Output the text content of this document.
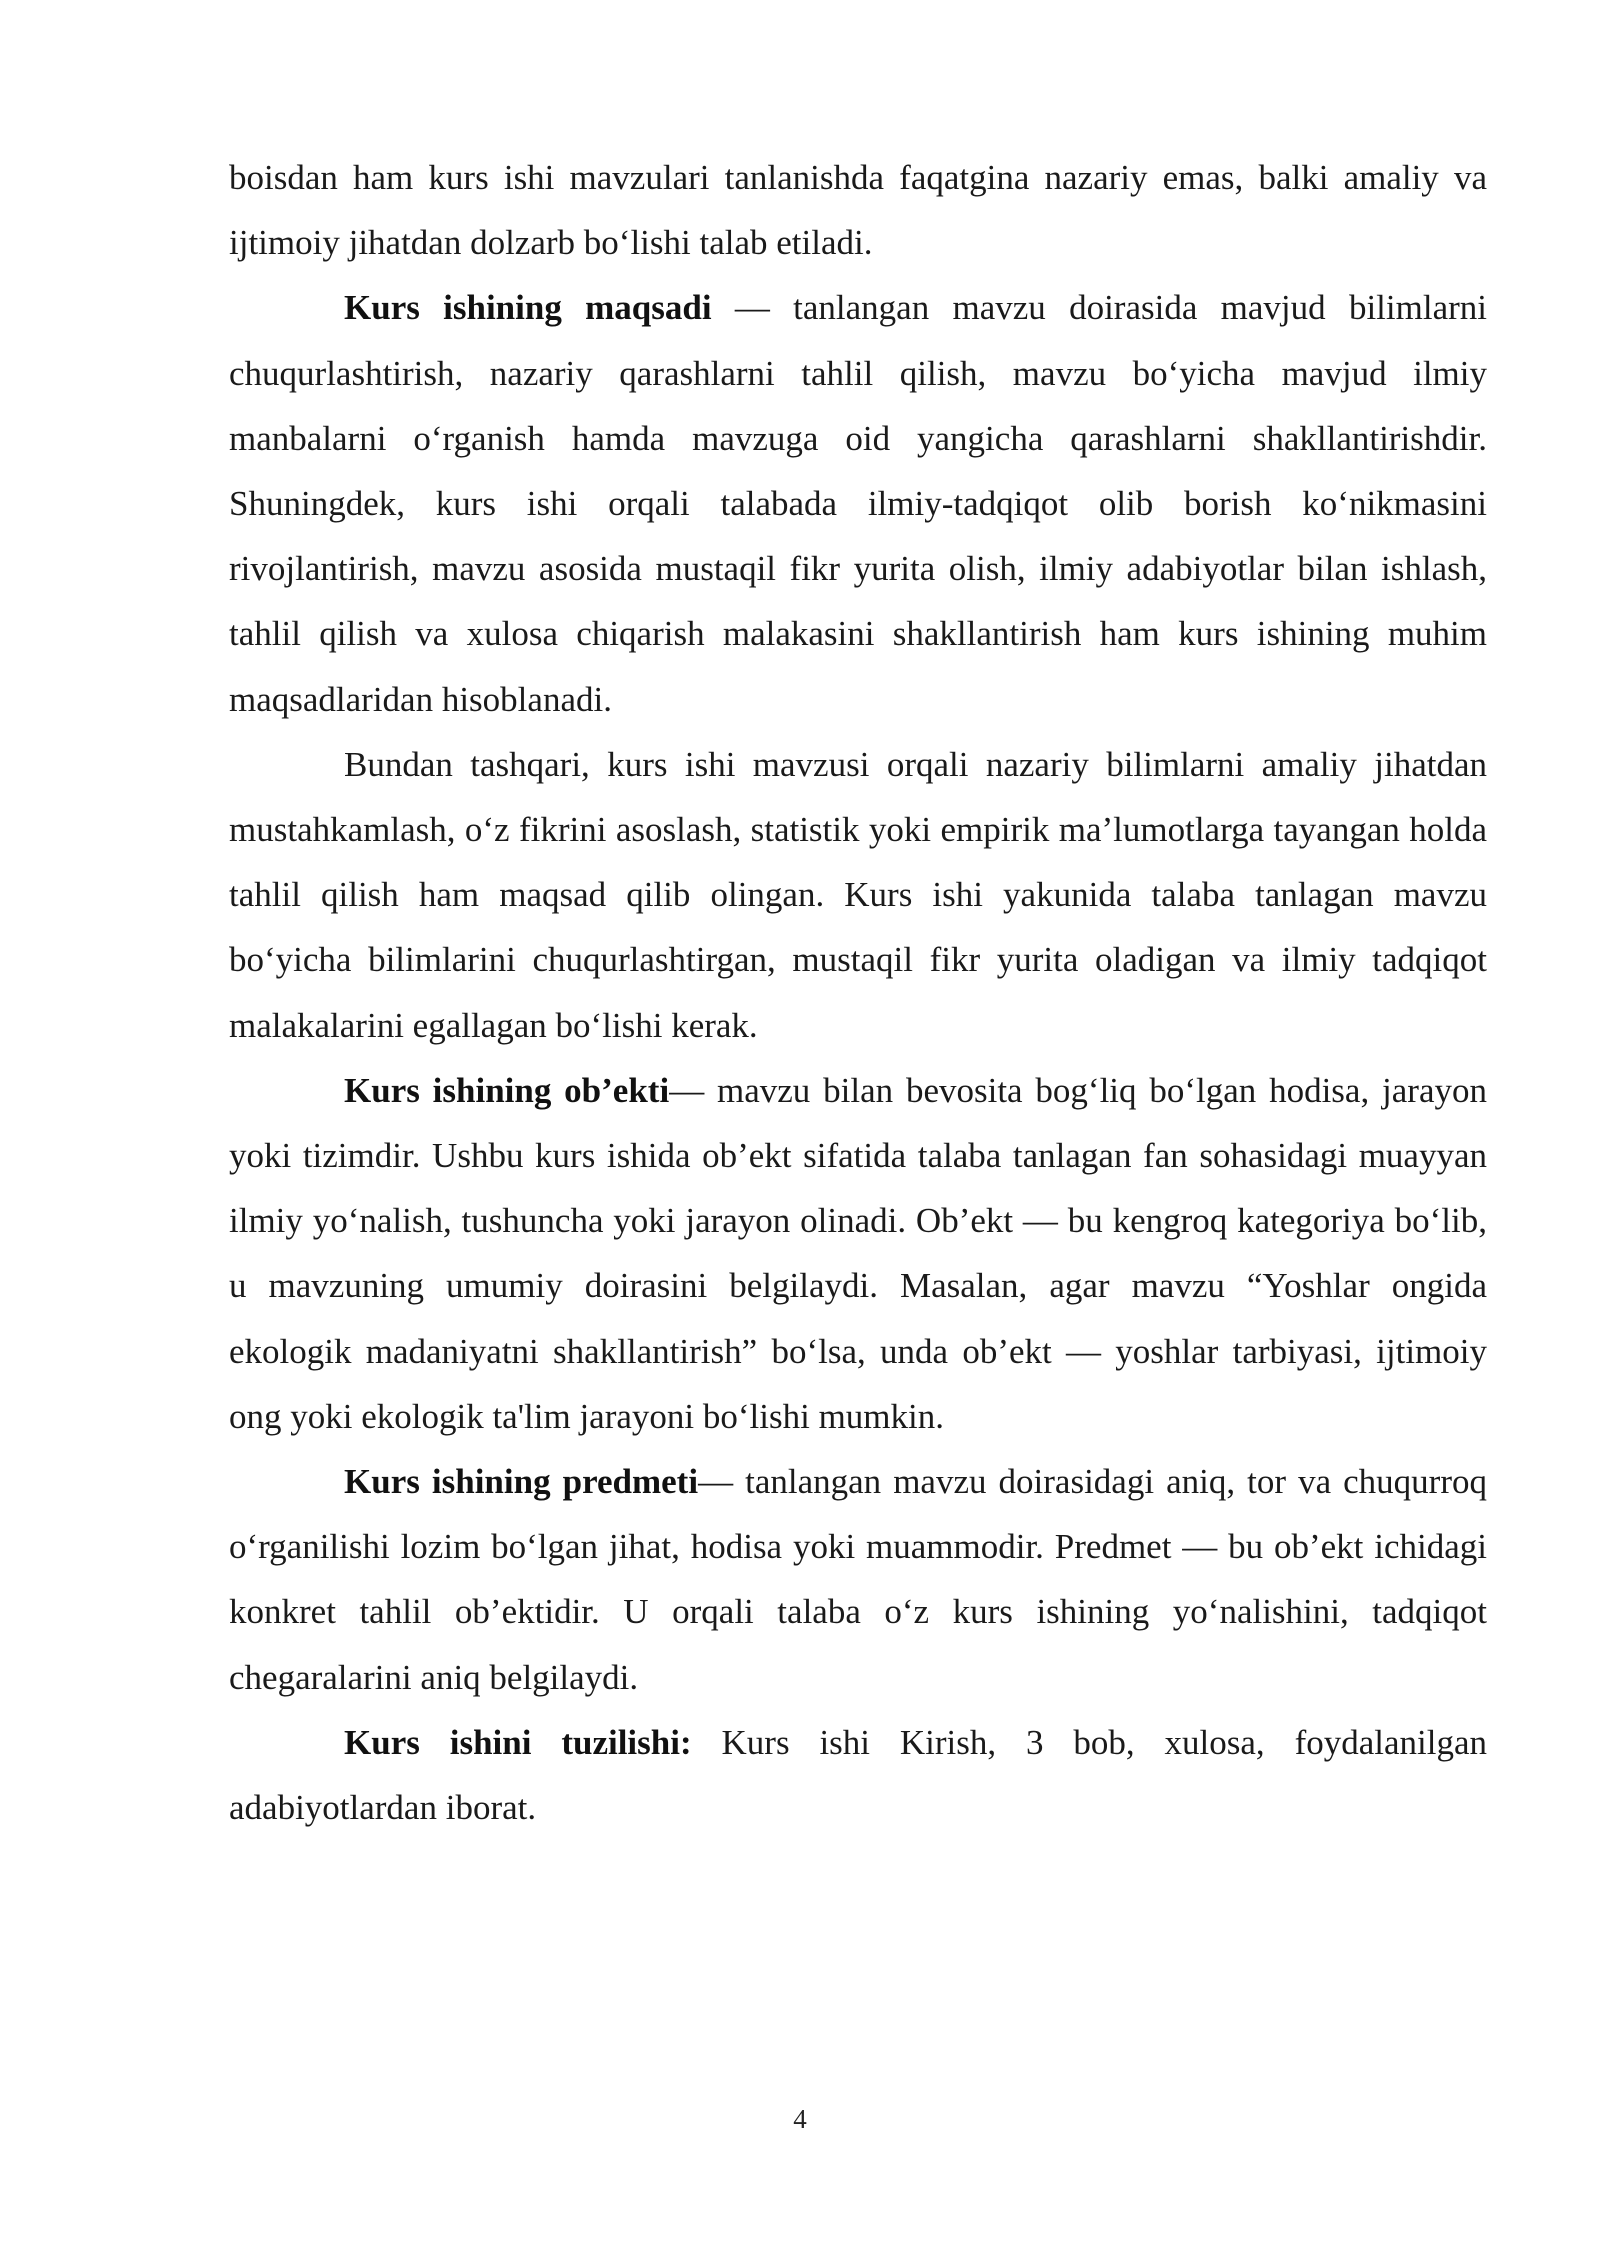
boisdan ham kurs ishi mavzulari tanlanishda faqatgina nazariy emas, balki amaliy va ijtimoiy jihatdan dolzarb bo‘lishi talab etiladi.

Kurs ishining maqsadi — tanlangan mavzu doirasida mavjud bilimlarni chuqurlashtirish, nazariy qarashlarni tahlil qilish, mavzu bo‘yicha mavjud ilmiy manbalarni o‘rganish hamda mavzuga oid yangicha qarashlarni shakllantirishdir. Shuningdek, kurs ishi orqali talabada ilmiy-tadqiqot olib borish ko‘nikmasini rivojlantirish, mavzu asosida mustaqil fikr yurita olish, ilmiy adabiyotlar bilan ishlash, tahlil qilish va xulosa chiqarish malakasini shakllantirish ham kurs ishining muhim maqsadlaridan hisoblanadi.

Bundan tashqari, kurs ishi mavzusi orqali nazariy bilimlarni amaliy jihatdan mustahkamlash, o‘z fikrini asoslash, statistik yoki empirik ma’lumotlarga tayangan holda tahlil qilish ham maqsad qilib olingan. Kurs ishi yakunida talaba tanlagan mavzu bo‘yicha bilimlarini chuqurlashtirgan, mustaqil fikr yurita oladigan va ilmiy tadqiqot malakalarini egallagan bo‘lishi kerak.

Kurs ishining ob’ekti— mavzu bilan bevosita bog‘liq bo‘lgan hodisa, jarayon yoki tizimdir. Ushbu kurs ishida ob’ekt sifatida talaba tanlagan fan sohasidagi muayyan ilmiy yo‘nalish, tushuncha yoki jarayon olinadi. Ob’ekt — bu kengroq kategoriya bo‘lib, u mavzuning umumiy doirasini belgilaydi. Masalan, agar mavzu “Yoshlar ongida ekologik madaniyatni shakllantirish” bo‘lsa, unda ob’ekt — yoshlar tarbiyasi, ijtimoiy ong yoki ekologik ta'lim jarayoni bo‘lishi mumkin.

Kurs ishining predmeti— tanlangan mavzu doirasidagi aniq, tor va chuqurroq o‘rganilishi lozim bo‘lgan jihat, hodisa yoki muammodir. Predmet — bu ob’ekt ichidagi konkret tahlil ob’ektidir. U orqali talaba o‘z kurs ishining yo‘nalishini, tadqiqot chegaralarini aniq belgilaydi.

Kurs ishini tuzilishi: Kurs ishi Kirish, 3 bob, xulosa, foydalanilgan adabiyotlardan iborat.

4
